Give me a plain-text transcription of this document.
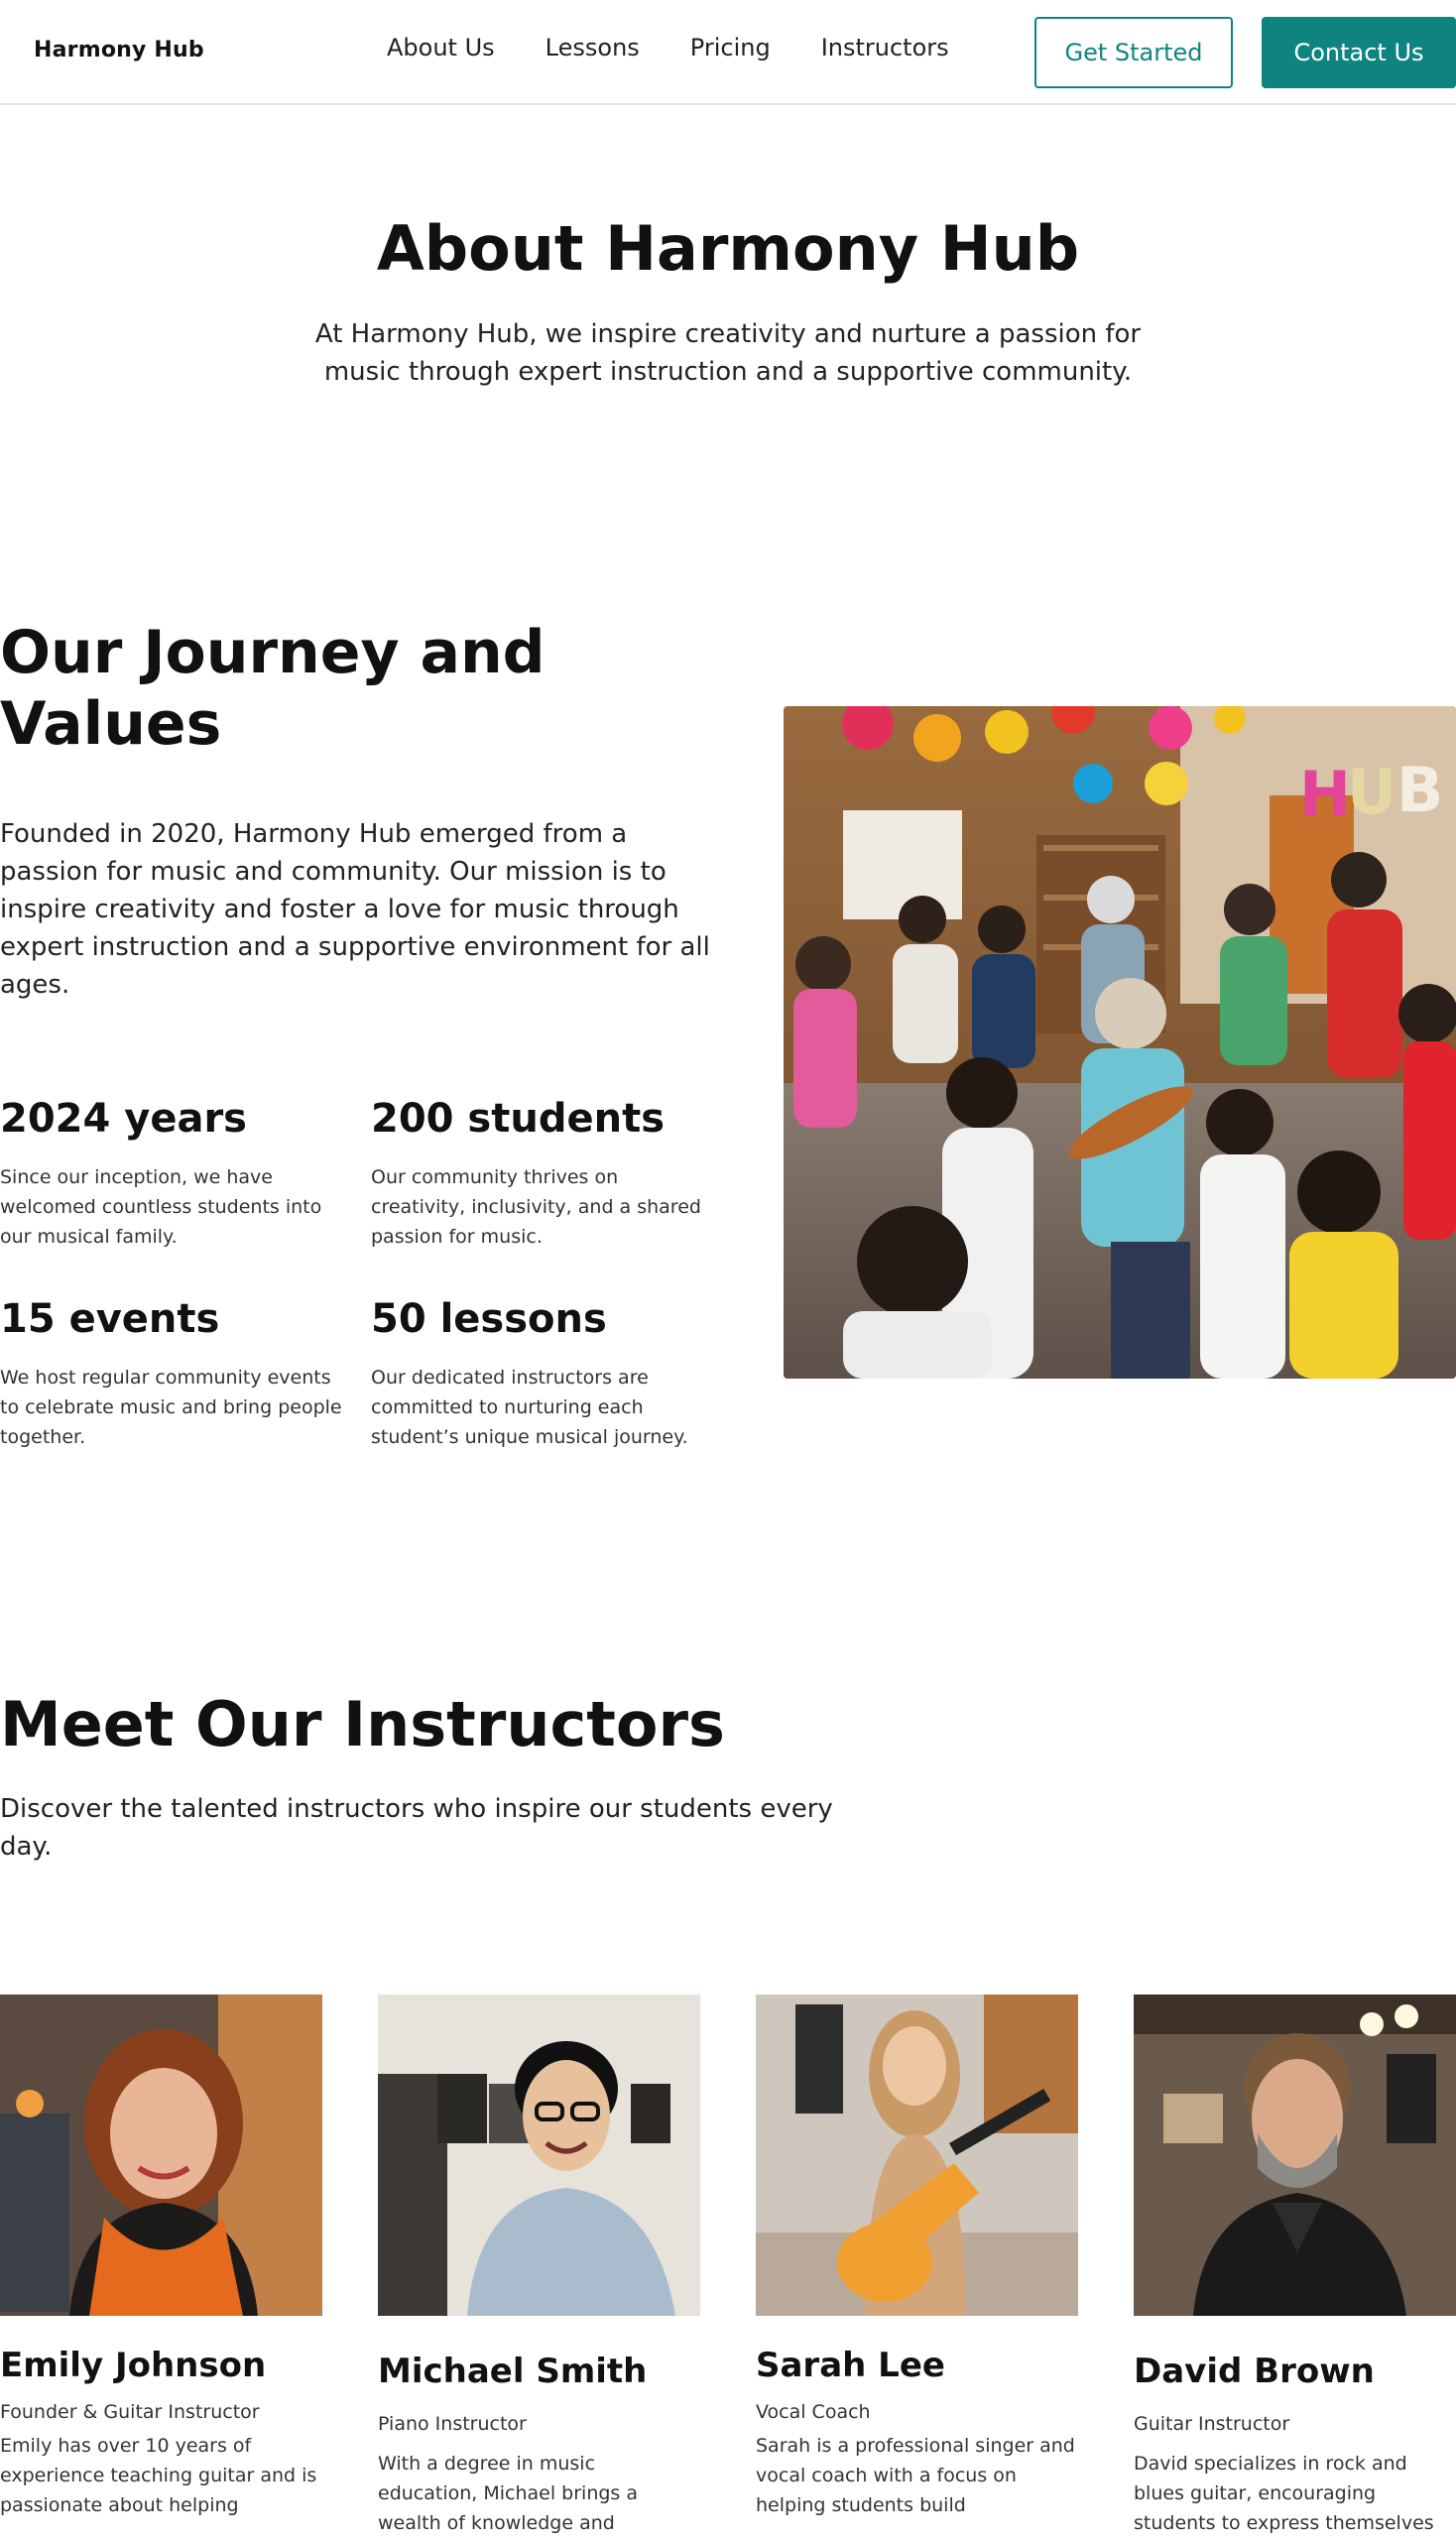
Harmony Hub	About Us Lessons Pricing Instructors	Get Started	Contact Us
About Harmony Hub

At Harmony Hub, we inspire creativity and nurture a passion for music through expert instruction and a supportive community.

Our Journey and Values

Founded in 2020, Harmony Hub emerged from a passion for music and community. Our mission is to inspire creativity and foster a love for music through expert instruction and a supportive environment for all ages.

2024 years
Since our inception, we have welcomed countless students into our musical family.
200 students
Our community thrives on creativity, inclusivity, and a shared passion for music.
15 events
We host regular community events to celebrate music and bring people together.
50 lessons
Our dedicated instructors are committed to nurturing each student’s unique musical journey.
H
U B
Meet Our Instructors

Discover the talented instructors who inspire our students every day.

Emily Johnson
Founder & Guitar Instructor
Emily has over 10 years of experience teaching guitar and is passionate about helping
Michael Smith
Piano Instructor
With a degree in music education, Michael brings a wealth of knowledge and
Sarah Lee
Vocal Coach
Sarah is a professional singer and vocal coach with a focus on helping students build
David Brown
Guitar Instructor
David specializes in rock and blues guitar, encouraging students to express themselves
